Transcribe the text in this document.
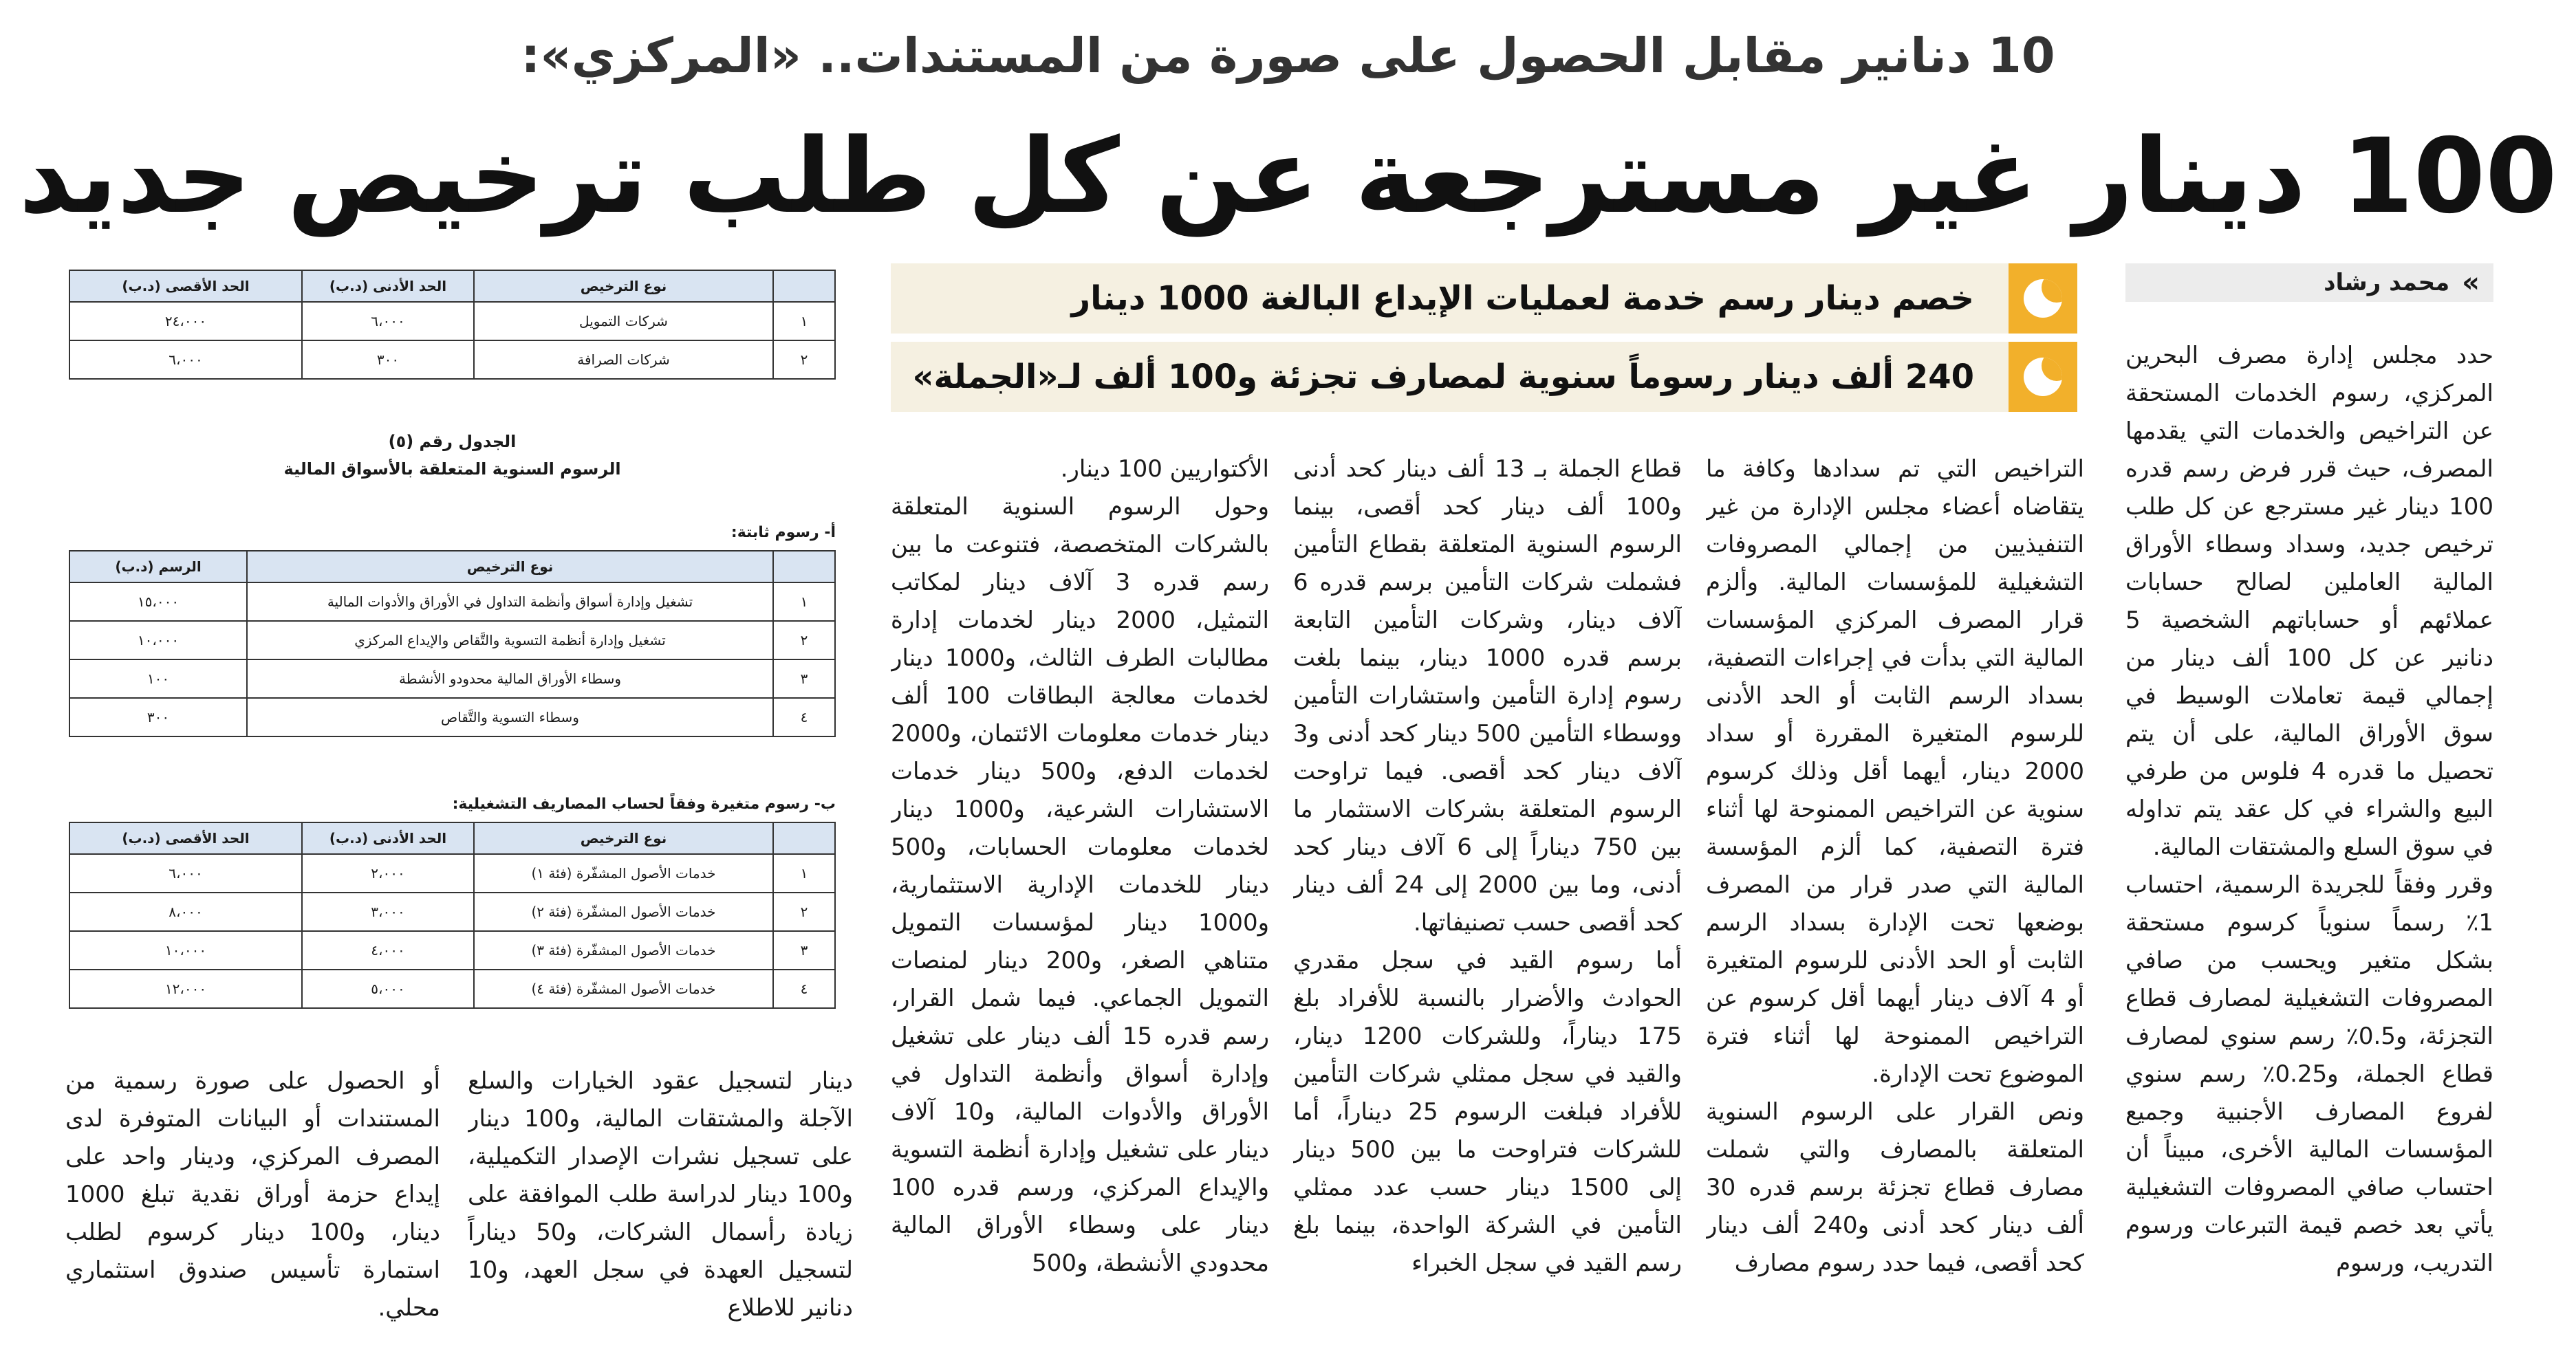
10 دنانير مقابل الحصول على صورة من المستندات.. «المركزي»:
100 دينار غير مسترجعة عن كل طلب ترخيص جديد
»
محمد رشاد
خصم دينار رسم خدمة لعمليات الإيداع البالغة 1000 دينار
240 ألف دينار رسوماً سنوية لمصارف تجزئة و100 ألف لـ«الجملة»

حدد مجلس إدارة مصرف البحرين المركزي، رسوم الخدمات المستحقة عن التراخيص والخدمات التي يقدمها المصرف، حيث قرر فرض رسم قدره 100 دينار غير مسترجع عن كل طلب ترخيص جديد، وسداد وسطاء الأوراق المالية العاملين لصالح حسابات عملائهم أو حساباتهم الشخصية 5 دنانير عن كل 100 ألف دينار من إجمالي قيمة تعاملات الوسيط في سوق الأوراق المالية، على أن يتم تحصيل ما قدره 4 فلوس من طرفي البيع والشراء في كل عقد يتم تداوله في سوق السلع والمشتقات المالية.

وقرر وفقاً للجريدة الرسمية، احتساب 1٪ رسماً سنوياً كرسوم مستحقة بشكل متغير ويحسب من صافي المصروفات التشغيلية لمصارف قطاع التجزئة، و0.5٪ رسم سنوي لمصارف قطاع الجملة، و0.25٪ رسم سنوي لفروع المصارف الأجنبية وجميع المؤسسات المالية الأخرى، مبيناً أن احتساب صافي المصروفات التشغيلية يأتي بعد خصم قيمة التبرعات ورسوم التدريب، ورسوم

التراخيص التي تم سدادها وكافة ما يتقاضاه أعضاء مجلس الإدارة من غير التنفيذيين من إجمالي المصروفات التشغيلية للمؤسسات المالية. وألزم قرار المصرف المركزي المؤسسات المالية التي بدأت في إجراءات التصفية، بسداد الرسم الثابت أو الحد الأدنى للرسوم المتغيرة المقررة أو سداد 2000 دينار، أيهما أقل وذلك كرسوم سنوية عن التراخيص الممنوحة لها أثناء فترة التصفية، كما ألزم المؤسسة المالية التي صدر قرار من المصرف بوضعها تحت الإدارة بسداد الرسم الثابت أو الحد الأدنى للرسوم المتغيرة أو 4 آلاف دينار أيهما أقل كرسوم عن التراخيص الممنوحة لها أثناء فترة الموضوع تحت الإدارة.

ونص القرار على الرسوم السنوية المتعلقة بالمصارف والتي شملت مصارف قطاع تجزئة برسم قدره 30 ألف دينار كحد أدنى و240 ألف دينار كحد أقصى، فيما حدد رسوم مصارف

قطاع الجملة بـ 13 ألف دينار كحد أدنى و100 ألف دينار كحد أقصى، بينما الرسوم السنوية المتعلقة بقطاع التأمين فشملت شركات التأمين برسم قدره 6 آلاف دينار، وشركات التأمين التابعة برسم قدره 1000 دينار، بينما بلغت رسوم إدارة التأمين واستشارات التأمين ووسطاء التأمين 500 دينار كحد أدنى و3 آلاف دينار كحد أقصى. فيما تراوحت الرسوم المتعلقة بشركات الاستثمار ما بين 750 ديناراً إلى 6 آلاف دينار كحد أدنى، وما بين 2000 إلى 24 ألف دينار كحد أقصى حسب تصنيفاتها.

أما رسوم القيد في سجل مقدري الحوادث والأضرار بالنسبة للأفراد بلغ 175 ديناراً، وللشركات 1200 دينار، والقيد في سجل ممثلي شركات التأمين للأفراد فبلغت الرسوم 25 ديناراً، أما للشركات فتراوحت ما بين 500 دينار إلى 1500 دينار حسب عدد ممثلي التأمين في الشركة الواحدة، بينما بلغ رسم القيد في سجل الخبراء

الأكتواريين 100 دينار.

وحول الرسوم السنوية المتعلقة بالشركات المتخصصة، فتنوعت ما بين رسم قدره 3 آلاف دينار لمكاتب التمثيل، 2000 دينار لخدمات إدارة مطالبات الطرف الثالث، و1000 دينار لخدمات معالجة البطاقات 100 ألف دينار خدمات معلومات الائتمان، و2000 لخدمات الدفع، و500 دينار خدمات الاستشارات الشرعية، و1000 دينار لخدمات معلومات الحسابات، و500 دينار للخدمات الإدارية الاستثمارية، و1000 دينار لمؤسسات التمويل متناهي الصغر، و200 دينار لمنصات التمويل الجماعي. فيما شمل القرار، رسم قدره 15 ألف دينار على تشغيل وإدارة أسواق وأنظمة التداول في الأوراق والأدوات المالية، و10 آلاف دينار على تشغيل وإدارة أنظمة التسوية والإيداع المركزي، ورسم قدره 100 دينار على وسطاء الأوراق المالية محدودي الأنشطة، و500

دينار لتسجيل عقود الخيارات والسلع الآجلة والمشتقات المالية، و100 دينار على تسجيل نشرات الإصدار التكميلية، و100 دينار لدراسة طلب الموافقة على زيادة رأسمال الشركات، و50 ديناراً لتسجيل العهدة في سجل العهد، و10 دنانير للاطلاع

أو الحصول على صورة رسمية من المستندات أو البيانات المتوفرة لدى المصرف المركزي، ودينار واحد على إيداع حزمة أوراق نقدية تبلغ 1000 دينار، و100 دينار كرسوم لطلب استمارة تأسيس صندوق استثماري محلي.

	نوع الترخيص	الحد الأدنى (د.ب)	الحد الأقصى (د.ب)
١	شركات التمويل	٦،٠٠٠	٢٤،٠٠٠
٢	شركات الصرافة	٣٠٠	٦،٠٠٠
الجدول رقم (٥)
الرسوم السنوية المتعلقة بالأسواق المالية
أ- رسوم ثابتة:
	نوع الترخيص	الرسم (د.ب)
١	تشغيل وإدارة أسواق وأنظمة التداول في الأوراق والأدوات المالية	١٥،٠٠٠
٢	تشغيل وإدارة أنظمة التسوية والتَّقاص والإيداع المركزي	١٠،٠٠٠
٣	وسطاء الأوراق المالية محدودو الأنشطة	١٠٠
٤	وسطاء التسوية والتَّقاص	٣٠٠
ب- رسوم متغيرة وفقاً لحساب المصاريف التشغيلية:
	نوع الترخيص	الحد الأدنى (د.ب)	الحد الأقصى (د.ب)
١	خدمات الأصول المشفّرة (فئة ١)	٢،٠٠٠	٦،٠٠٠
٢	خدمات الأصول المشفّرة (فئة ٢)	٣،٠٠٠	٨،٠٠٠
٣	خدمات الأصول المشفّرة (فئة ٣)	٤،٠٠٠	١٠،٠٠٠
٤	خدمات الأصول المشفّرة (فئة ٤)	٥،٠٠٠	١٢،٠٠٠
